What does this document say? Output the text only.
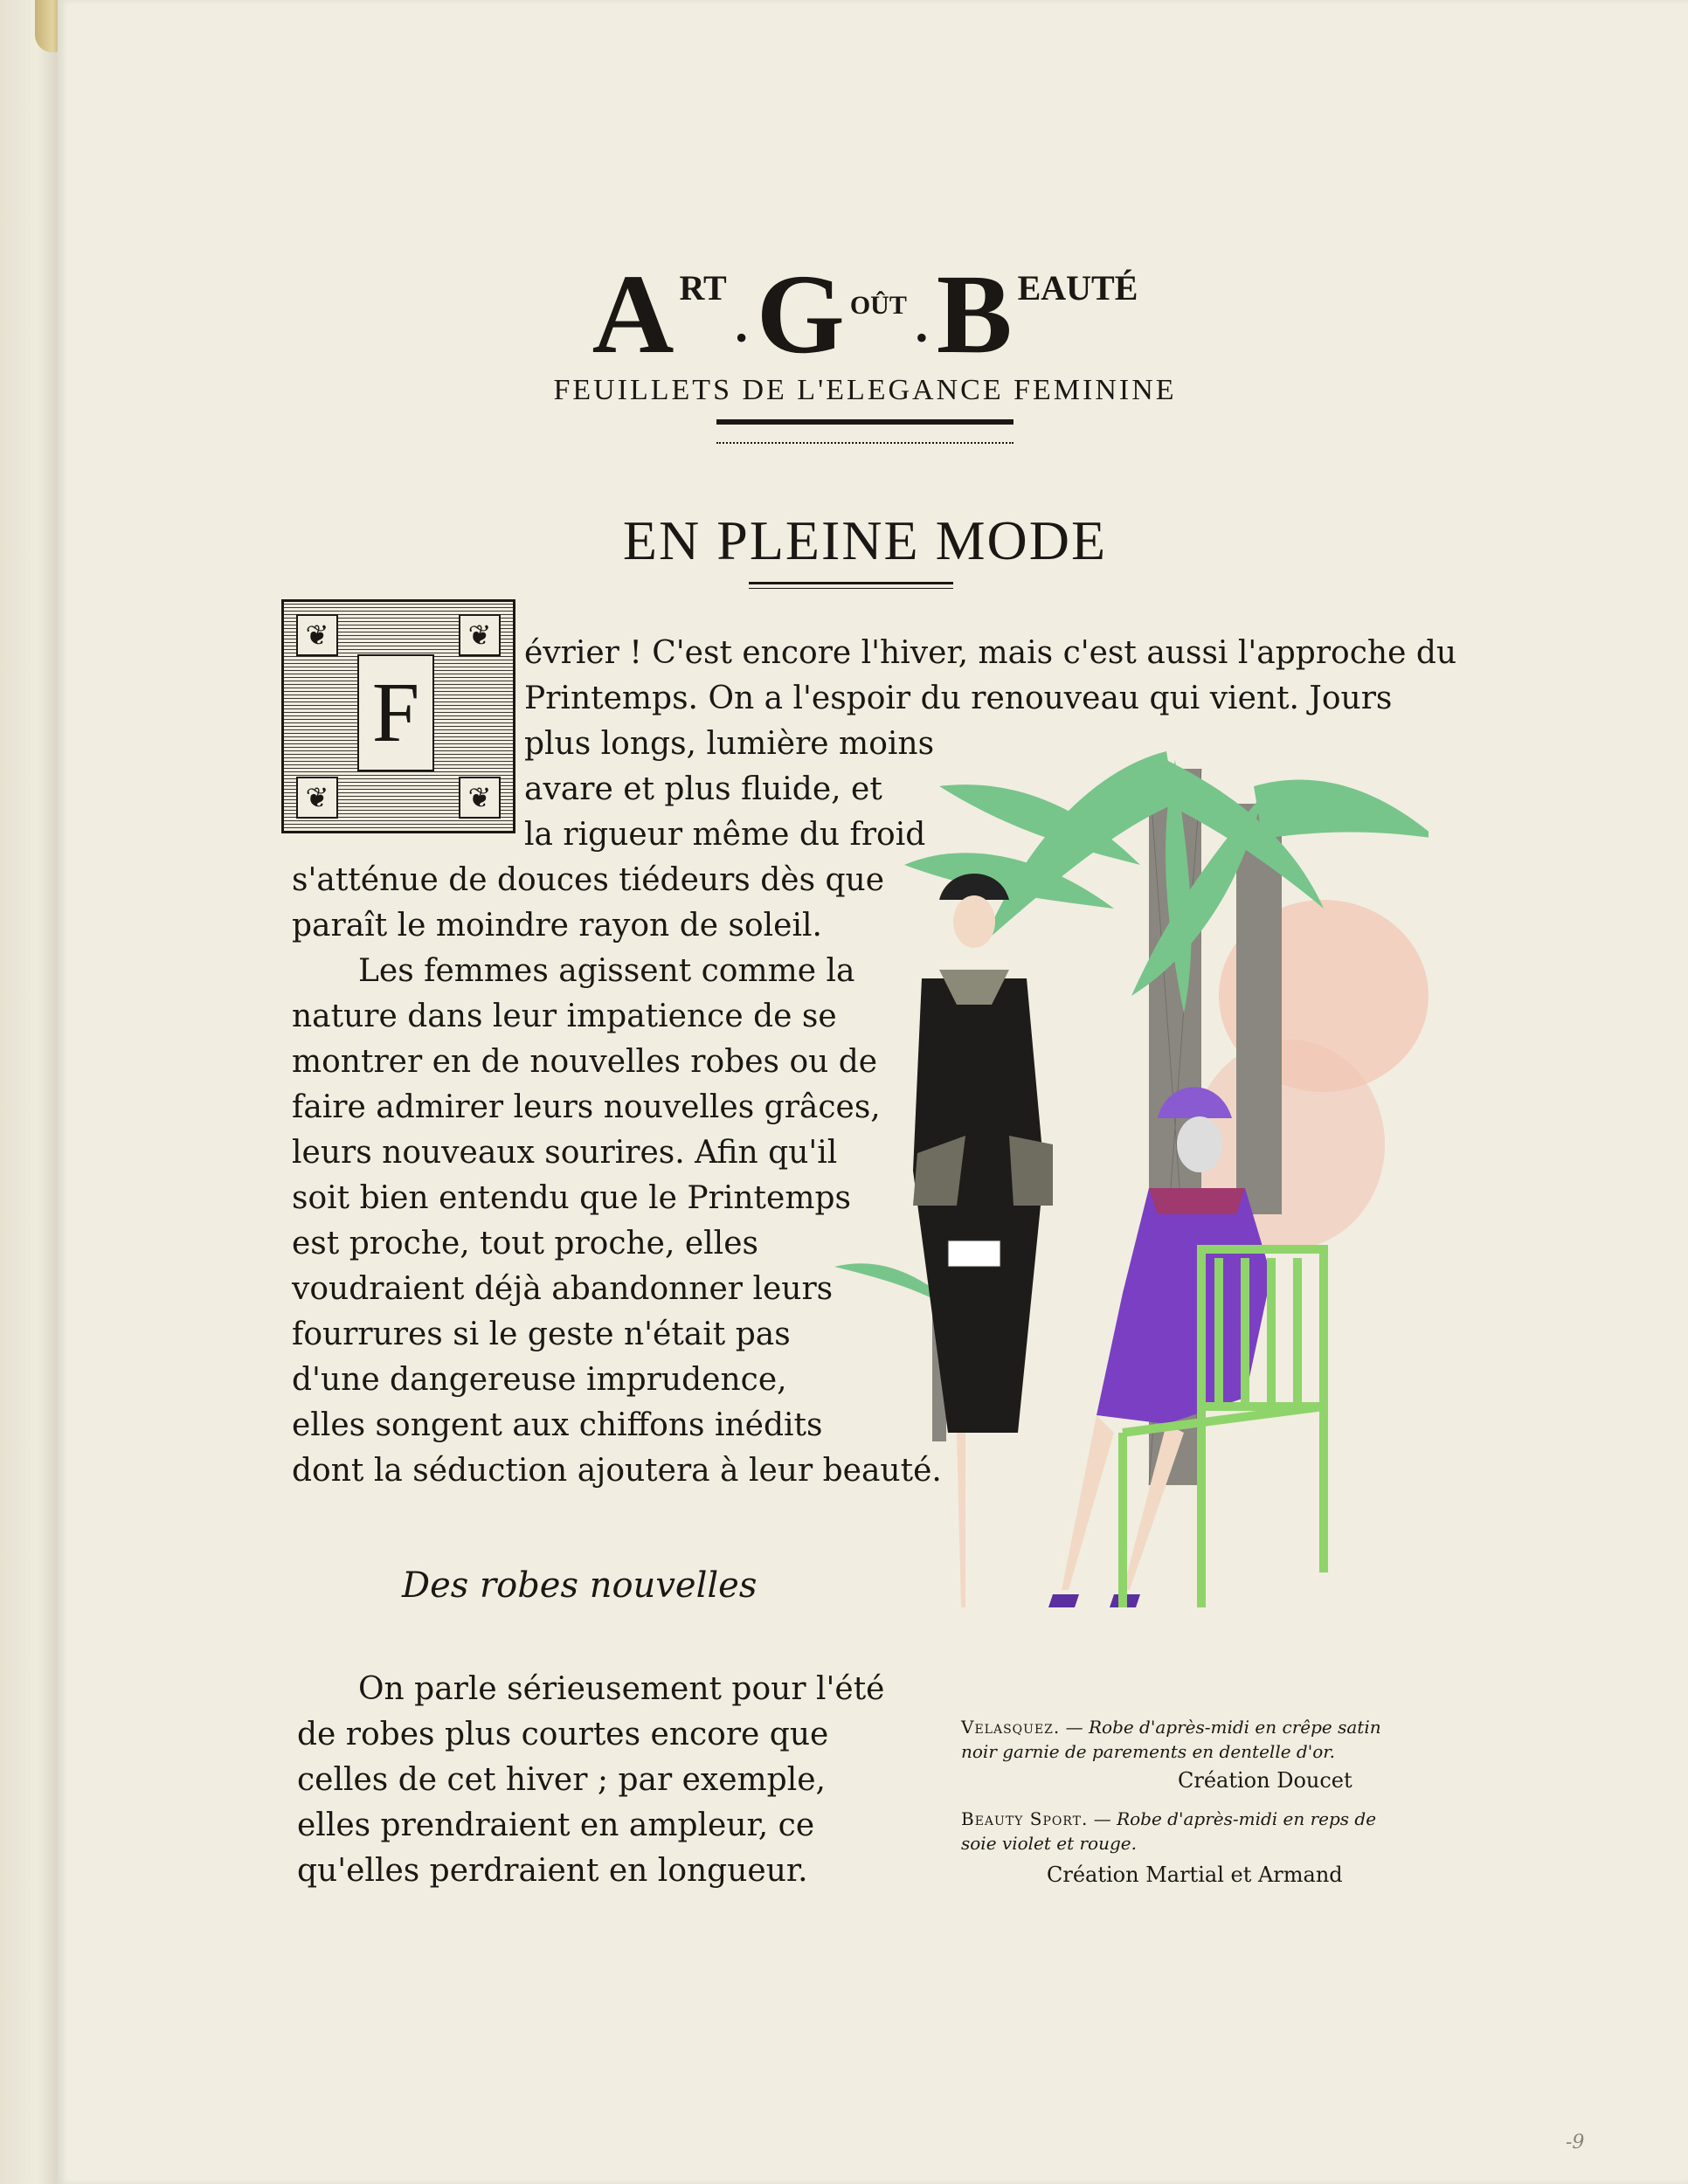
A RT
• G OÛT
• B EAUTÉ
FEUILLETS DE L'ELEGANCE FEMININE
EN PLEINE MODE
❦	❦
❦	❦
F
évrier ! C'est encore l'hiver, mais c'est aussi l'approche du
Printemps. On a l'espoir du renouveau qui vient. Jours
plus longs, lumière moins
avare et plus fluide, et
la rigueur même du froid
s'atténue de douces tiédeurs dès que
paraît le moindre rayon de soleil.
Les femmes agissent comme la
nature dans leur impatience de se
montrer en de nouvelles robes ou de
faire admirer leurs nouvelles grâces,
leurs nouveaux sourires. Afin qu'il
soit bien entendu que le Printemps
est proche, tout proche, elles
voudraient déjà abandonner leurs
fourrures si le geste n'était pas
d'une dangereuse imprudence,
elles songent aux chiffons inédits
dont la séduction ajoutera à leur beauté.
Des robes nouvelles
On parle sérieusement pour l'été
de robes plus courtes encore que
celles de cet hiver ; par exemple,
elles prendraient en ampleur, ce
qu'elles perdraient en longueur.
Velasquez. — Robe d'après-midi en crêpe satin
noir garnie de parements en dentelle d'or.
Création Doucet
Beauty Sport. — Robe d'après-midi en reps de
soie violet et rouge.
Création Martial et Armand
-9
